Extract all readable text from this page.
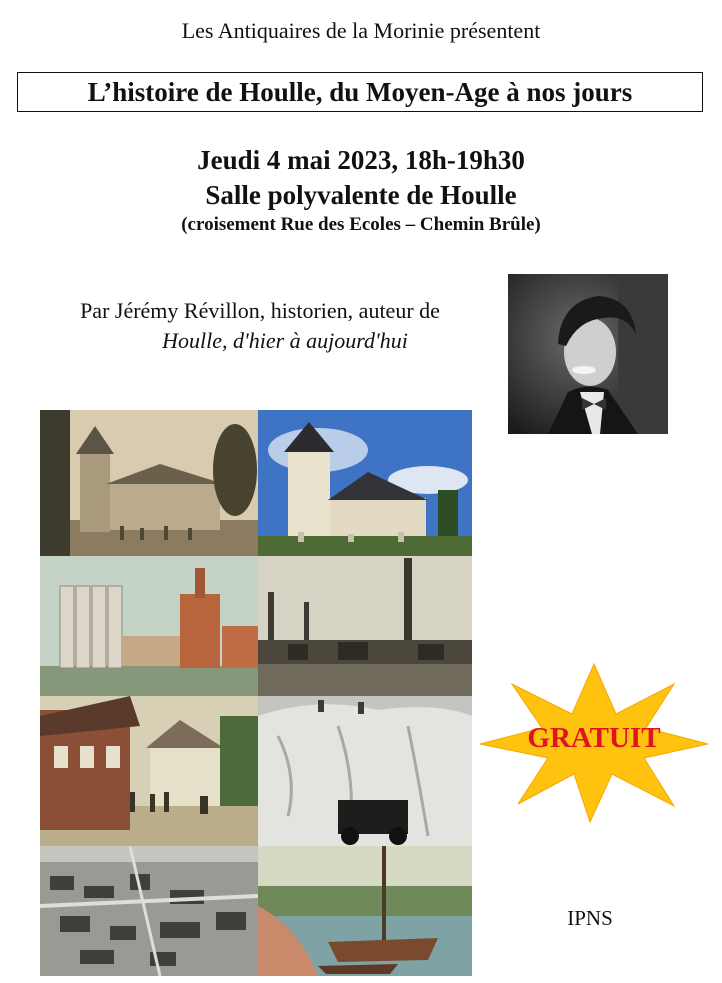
Les Antiquaires de la Morinie présentent
L’histoire de Houlle, du Moyen-Age à nos jours
Jeudi 4 mai 2023, 18h-19h30
Salle polyvalente de Houlle
(croisement Rue des Ecoles – Chemin Brûle)
Par Jérémy Révillon, historien, auteur de
Houlle, d'hier à aujourd'hui
GRATUIT
IPNS
